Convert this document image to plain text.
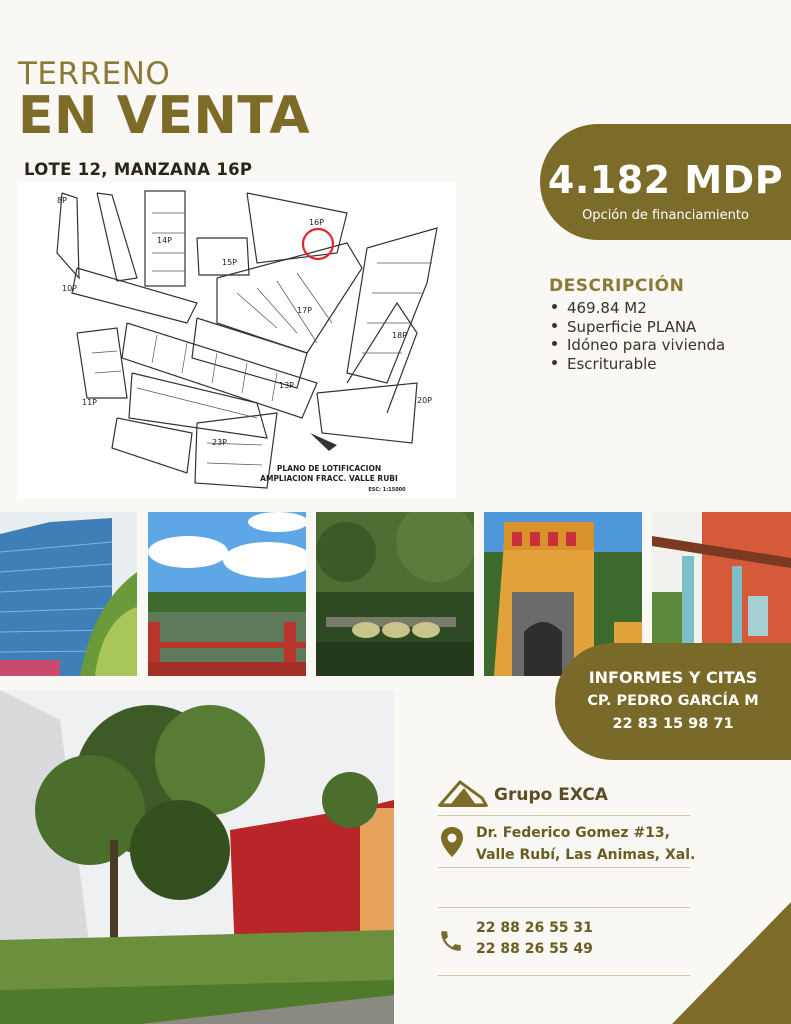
TERRENO
EN VENTA
LOTE 12, MANZANA 16P
16P
14P
15P
10P
17P
18P
13P
23P
11P	20P
8P
PLANO DE LOTIFICACION
AMPLIACION FRACC. VALLE RUBI
ESC: 1:15000
4.182 MDP
Opción de financiamiento
DESCRIPCIÓN
469.84 M2
Superficie PLANA
Idóneo para vivienda
Escriturable
INFORMES Y CITAS
CP. PEDRO GARCÍA M
22 83 15 98 71
Grupo EXCA
Dr. Federico Gomez #13,
Valle Rubí, Las Animas, Xal.
22 88 26 55 31
22 88 26 55 49
